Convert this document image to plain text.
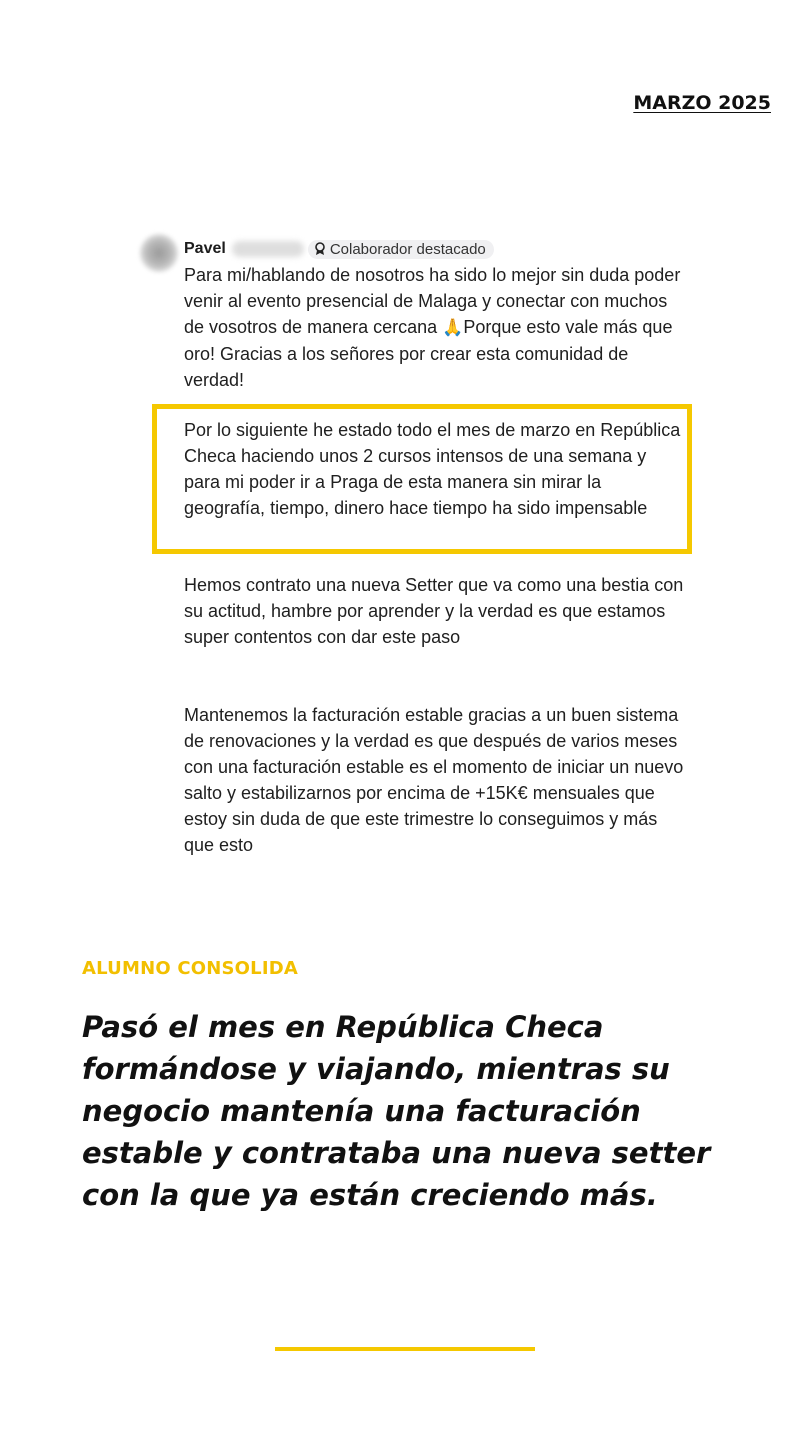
MARZO 2025
Pavel	Colaborador destacado
Para mi/hablando de nosotros ha sido lo mejor sin duda poder venir al evento presencial de Malaga y conectar con muchos de vosotros de manera cercana 🙏Porque esto vale más que oro! Gracias a los señores por crear esta comunidad de verdad!
Por lo siguiente he estado todo el mes de marzo en República Checa haciendo unos 2 cursos intensos de una semana y para mi poder ir a Praga de esta manera sin mirar la geografía, tiempo, dinero hace tiempo ha sido impensable
Hemos contrato una nueva Setter que va como una bestia con su actitud, hambre por aprender y la verdad es que estamos super contentos con dar este paso
Mantenemos la facturación estable gracias a un buen sistema de renovaciones y la verdad es que después de varios meses con una facturación estable es el momento de iniciar un nuevo salto y estabilizarnos por encima de +15K€ mensuales que estoy sin duda de que este trimestre lo conseguimos y más que esto
ALUMNO CONSOLIDA

Pasó el mes en República Checa formándose y viajando, mientras su negocio mantenía una facturación estable y contrataba una nueva setter con la que ya están creciendo más.
